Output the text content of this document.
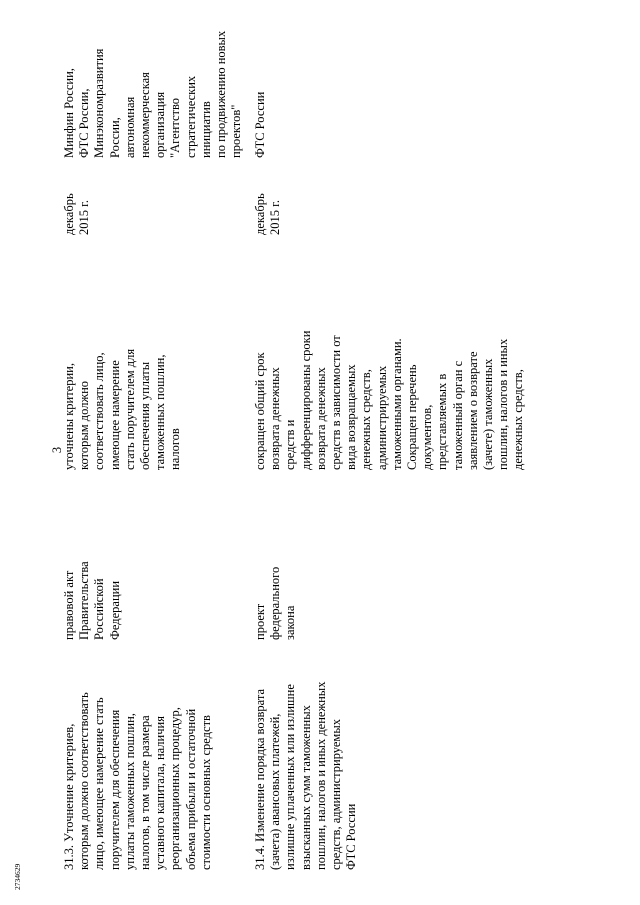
3
31.3. Уточнение критериев,
которым должно соответствовать
лицо, имеющее намерение стать
поручителем для обеспечения
уплаты таможенных пошлин,
налогов, в том числе размера
уставного капитала, наличия
реорганизационных процедур,
объема прибыли и остаточной
стоимости основных средств
правовой акт
Правительства
Российской
Федерации
уточнены критерии,
которым должно
соответствовать лицо,
имеющее намерение
стать поручителем для
обеспечения уплаты
таможенных пошлин,
налогов
декабрь
2015 г.
Минфин России,
ФТС России,
Минэкономразвития
России,
автономная некоммерческая
организация "Агентство
стратегических инициатив
по продвижению новых
проектов"
31.4. Изменение порядка возврата
(зачета) авансовых платежей,
излишне уплаченных или излишне
взысканных сумм таможенных
пошлин, налогов и иных денежных
средств, администрируемых
ФТС России
проект
федерального
закона
сокращен общий срок
возврата денежных
средств и
дифференцированы сроки
возврата денежных
средств в зависимости от
вида возвращаемых
денежных средств,
администрируемых
таможенными органами.
Сокращен перечень
документов,
представляемых в
таможенный орган с
заявлением о возврате
(зачете) таможенных
пошлин, налогов и иных
денежных средств,
декабрь
2015 г.
ФТС России
2734629
